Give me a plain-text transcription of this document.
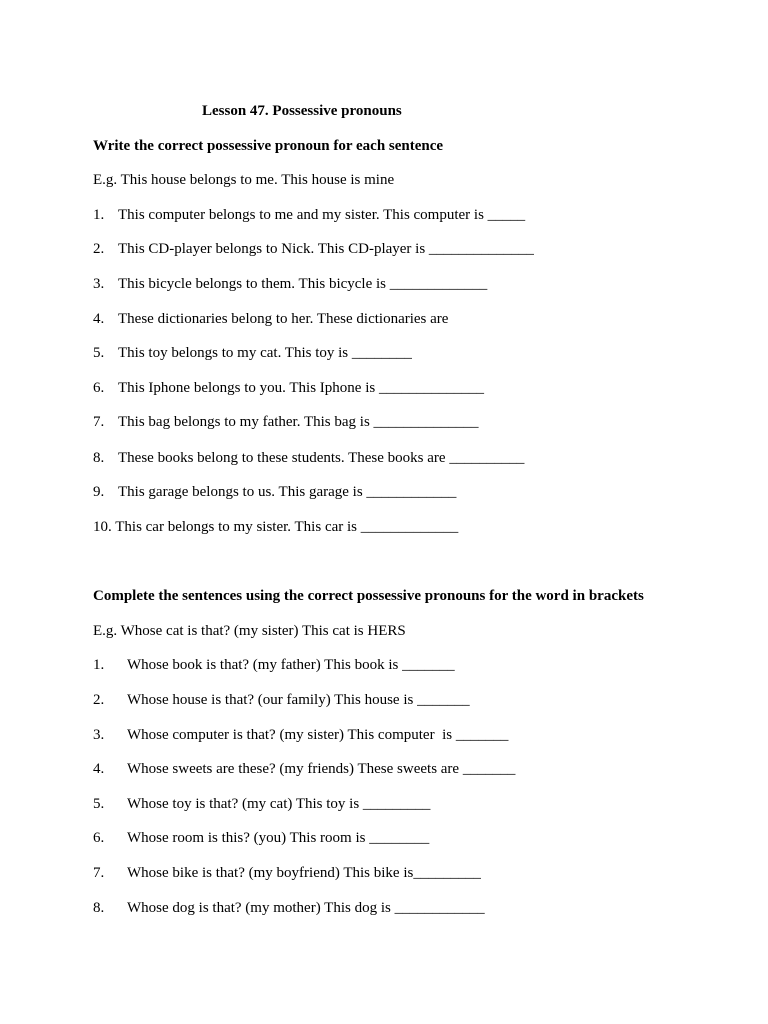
Lesson 47. Possessive pronouns
Write the correct possessive pronoun for each sentence
E.g. This house belongs to me. This house is mine
1. This computer belongs to me and my sister. This computer is _____
2. This CD-player belongs to Nick. This CD-player is ______________
3. This bicycle belongs to them. This bicycle is _____________
4. These dictionaries belong to her. These dictionaries are
5. This toy belongs to my cat. This toy is ________
6. This Iphone belongs to you. This Iphone is ______________
7. This bag belongs to my father. This bag is ______________
8. These books belong to these students. These books are __________
9. This garage belongs to us. This garage is ____________
10. This car belongs to my sister. This car is _____________
Complete the sentences using the correct possessive pronouns for the word in brackets
E.g. Whose cat is that? (my sister) This cat is HERS
1. Whose book is that? (my father) This book is _______
2. Whose house is that? (our family) This house is _______
3. Whose computer is that? (my sister) This computer  is _______
4. Whose sweets are these? (my friends) These sweets are _______
5. Whose toy is that? (my cat) This toy is _________
6. Whose room is this? (you) This room is ________
7. Whose bike is that? (my boyfriend) This bike is_________
8. Whose dog is that? (my mother) This dog is ____________
